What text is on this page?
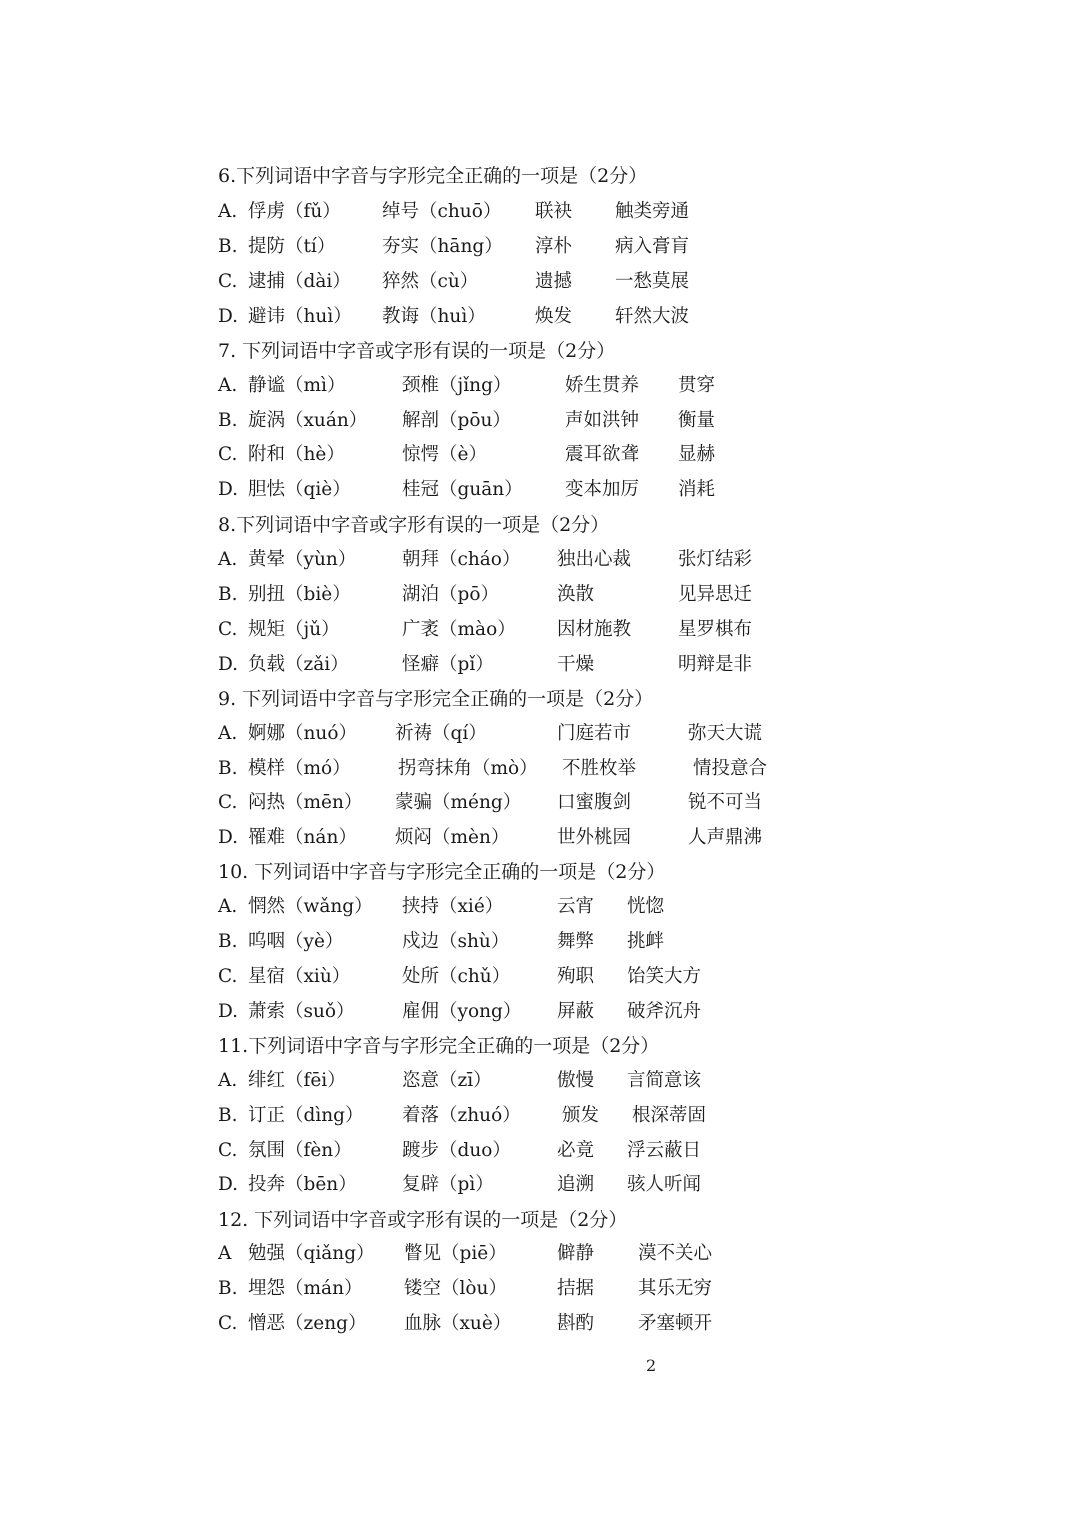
6.下列词语中字音与字形完全正确的一项是（2分）
A. 俘虏（fǔ） 绰号（chuō） 联袂 触类旁通
B. 提防（tí）	夯实（hāng） 淳朴 病入膏肓
C. 逮捕（dài） 猝然（cù）	遗撼 一愁莫展
D. 避讳（huì） 教诲（huì）	焕发 轩然大波
7. 下列词语中字音或字形有误的一项是（2分）
A. 静谧（mì）	颈椎（jǐng）	娇生贯养 贯穿
B. 旋涡（xuán） 解剖（pōu）	声如洪钟 衡量
C. 附和（hè）	惊愕（è）	震耳欲聋 显赫
D. 胆怯（qiè）	桂冠（guān） 变本加厉 消耗
8.下列词语中字音或字形有误的一项是（2分）
A. 黄晕（yùn） 朝拜（cháo） 独出心裁	张灯结彩
B. 别扭（biè）	湖泊（pō）	涣散	见异思迁
C. 规矩（jǔ）	广袤（mào） 因材施教	星罗棋布
D. 负载（zǎi）	怪癖（pǐ）	干燥	明辩是非
9. 下列词语中字音与字形完全正确的一项是（2分）
A. 婀娜（nuó） 祈祷（qí）	门庭若市	弥天大谎
B. 模样（mó）	拐弯抹角（mò） 不胜枚举	情投意合
C. 闷热（mēn） 蒙骗（méng） 口蜜腹剑	锐不可当
D. 罹难（nán） 烦闷（mèn）	世外桃园	人声鼎沸
10. 下列词语中字音与字形完全正确的一项是（2分）
A. 惘然（wǎng） 挟持（xié）	云宵 恍惚
B. 呜咽（yè）	戍边（shù）	舞弊 挑衅
C. 星宿（xiù）	处所（chǔ）	殉职 饴笑大方
D. 萧索（suǒ）	雇佣（yong） 屏蔽 破斧沉舟
11.下列词语中字音与字形完全正确的一项是（2分）
A. 绯红（fēi）	恣意（zī）	傲慢 言简意该
B. 订正（dìng） 着落（zhuó） 颁发 根深蒂固
C. 氛围（fèn）	踱步（duo） 必竟 浮云蔽日
D. 投奔（bēn） 复辟（pì）	追溯 骇人听闻
12. 下列词语中字音或字形有误的一项是（2分）
A 勉强（qiǎng） 瞥见（piē）	僻静 漠不关心
B. 埋怨（mán） 镂空（lòu）	拮据 其乐无穷
C. 憎恶（zeng） 血脉（xuè） 斟酌 矛塞顿开
2
